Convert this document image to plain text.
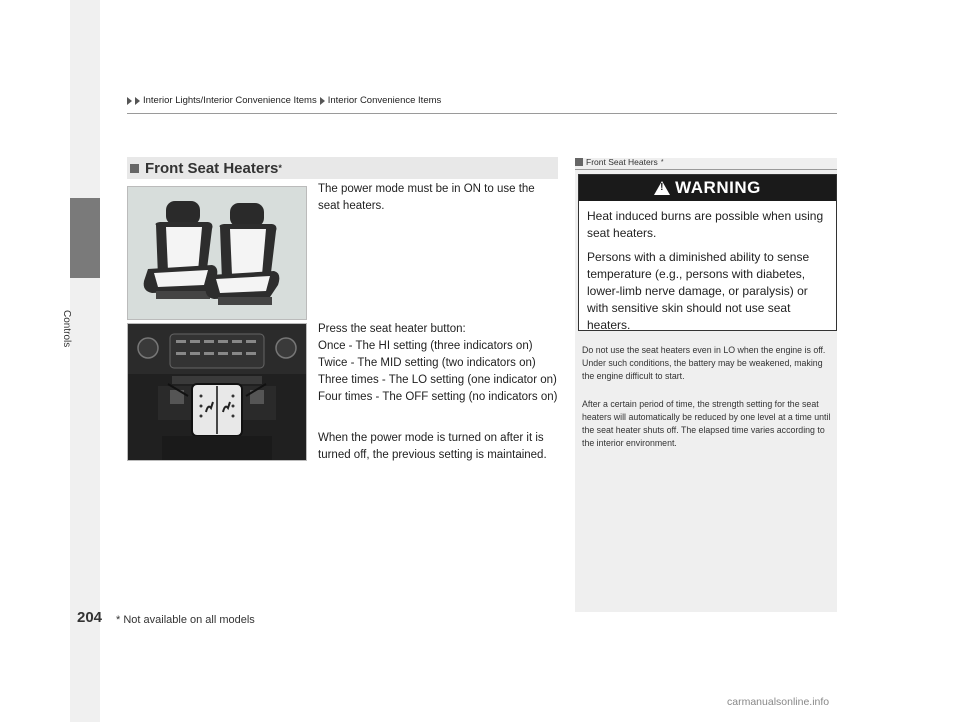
Controls
204 * Not available on all models
Interior Lights/Interior Convenience Items Interior Convenience Items
Front Seat Heaters *
The power mode must be in ON to use the seat heaters.

Press the seat heater button:

Once - The HI setting (three indicators on)

Twice - The MID setting (two indicators on)

Three times - The LO setting (one indicator on)

Four times - The OFF setting (no indicators on)

When the power mode is turned on after it is turned off, the previous setting is maintained.
Front Seat Heaters *
!
WARNING

Heat induced burns are possible when using seat heaters.

Persons with a diminished ability to sense temperature (e.g., persons with diabetes, lower-limb nerve damage, or paralysis) or with sensitive skin should not use seat heaters.

Do not use the seat heaters even in LO when the engine is off. Under such conditions, the battery may be weakened, making the engine difficult to start.
After a certain period of time, the strength setting for the seat heaters will automatically be reduced by one level at a time until the seat heater shuts off. The elapsed time varies according to the interior environment.
carmanualsonline.info
